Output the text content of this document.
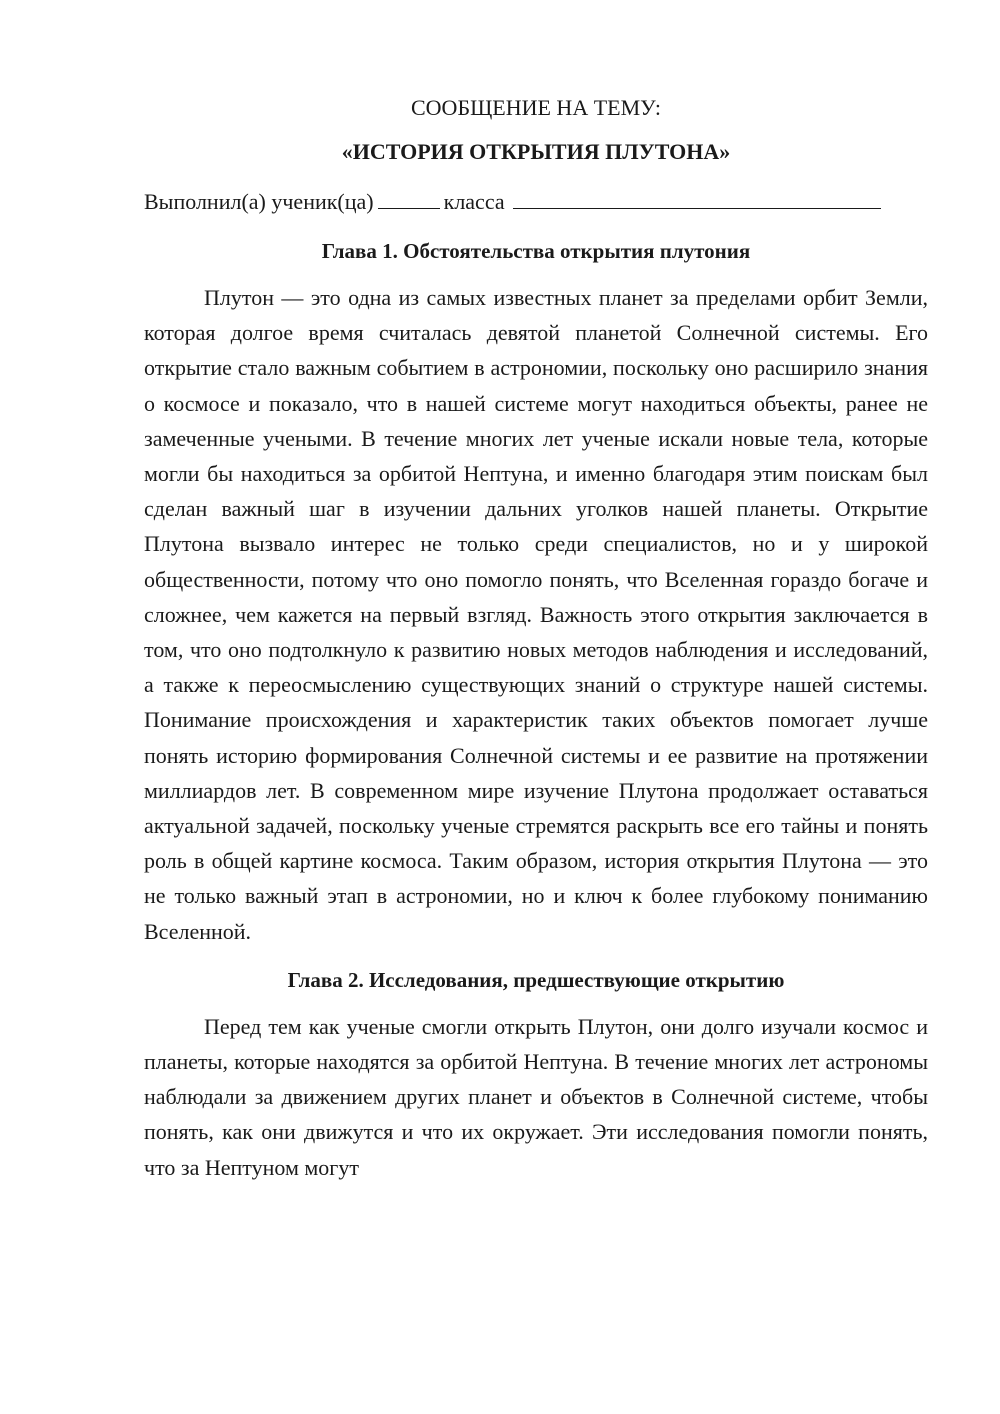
СООБЩЕНИЕ НА ТЕМУ:

«ИСТОРИЯ ОТКРЫТИЯ ПЛУТОНА»

Выполнил(а) ученик(ца)	класса

Глава 1. Обстоятельства открытия плутония

Плутон — это одна из самых известных планет за пределами орбит Земли, которая долгое время считалась девятой планетой Солнечной системы. Его открытие стало важным событием в астрономии, поскольку оно расширило знания о космосе и показало, что в нашей системе могут находиться объекты, ранее не замеченные учеными. В течение многих лет ученые искали новые тела, которые могли бы находиться за орбитой Нептуна, и именно благодаря этим поискам был сделан важный шаг в изучении дальних уголков нашей планеты. Открытие Плутона вызвало интерес не только среди специалистов, но и у широкой общественности, потому что оно помогло понять, что Вселенная гораздо богаче и сложнее, чем кажется на первый взгляд. Важность этого открытия заключается в том, что оно подтолкнуло к развитию новых методов наблюдения и исследований, а также к переосмыслению существующих знаний о структуре нашей системы. Понимание происхождения и характеристик таких объектов помогает лучше понять историю формирования Солнечной системы и ее развитие на протяжении миллиардов лет. В современном мире изучение Плутона продолжает оставаться актуальной задачей, поскольку ученые стремятся раскрыть все его тайны и понять роль в общей картине космоса. Таким образом, история открытия Плутона — это не только важный этап в астрономии, но и ключ к более глубокому пониманию Вселенной.

Глава 2. Исследования, предшествующие открытию

Перед тем как ученые смогли открыть Плутон, они долго изучали космос и планеты, которые находятся за орбитой Нептуна. В течение многих лет астрономы наблюдали за движением других планет и объектов в Солнечной системе, чтобы понять, как они движутся и что их окружает. Эти исследования помогли понять, что за Нептуном могут
